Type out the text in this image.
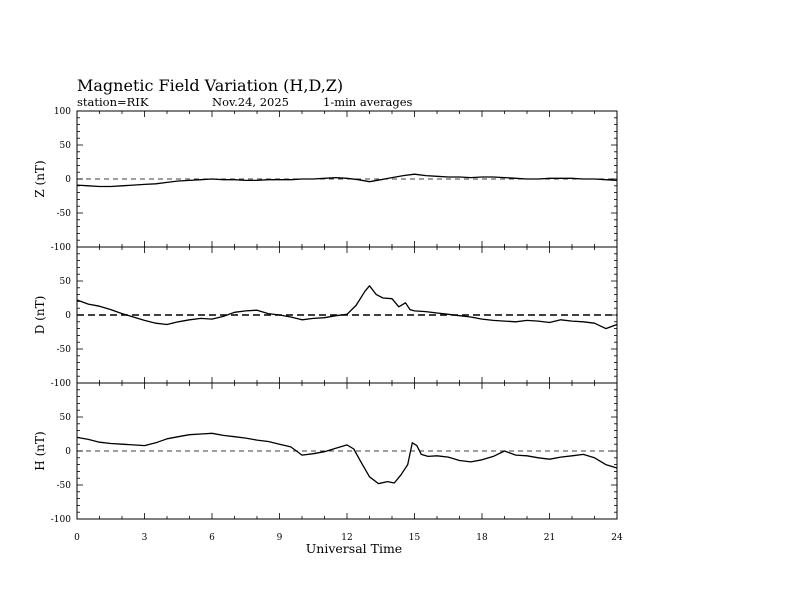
Magnetic Field Variation (H,D,Z)
station=RIK	Nov.24, 2025	1-min averages
100
50
0
-50
-100
Z (nT)
50
0
-50
-100
D (nT)
50
0
-50
-100
H (nT)
0	3	6	9	12	15	18	21	24
Universal Time
